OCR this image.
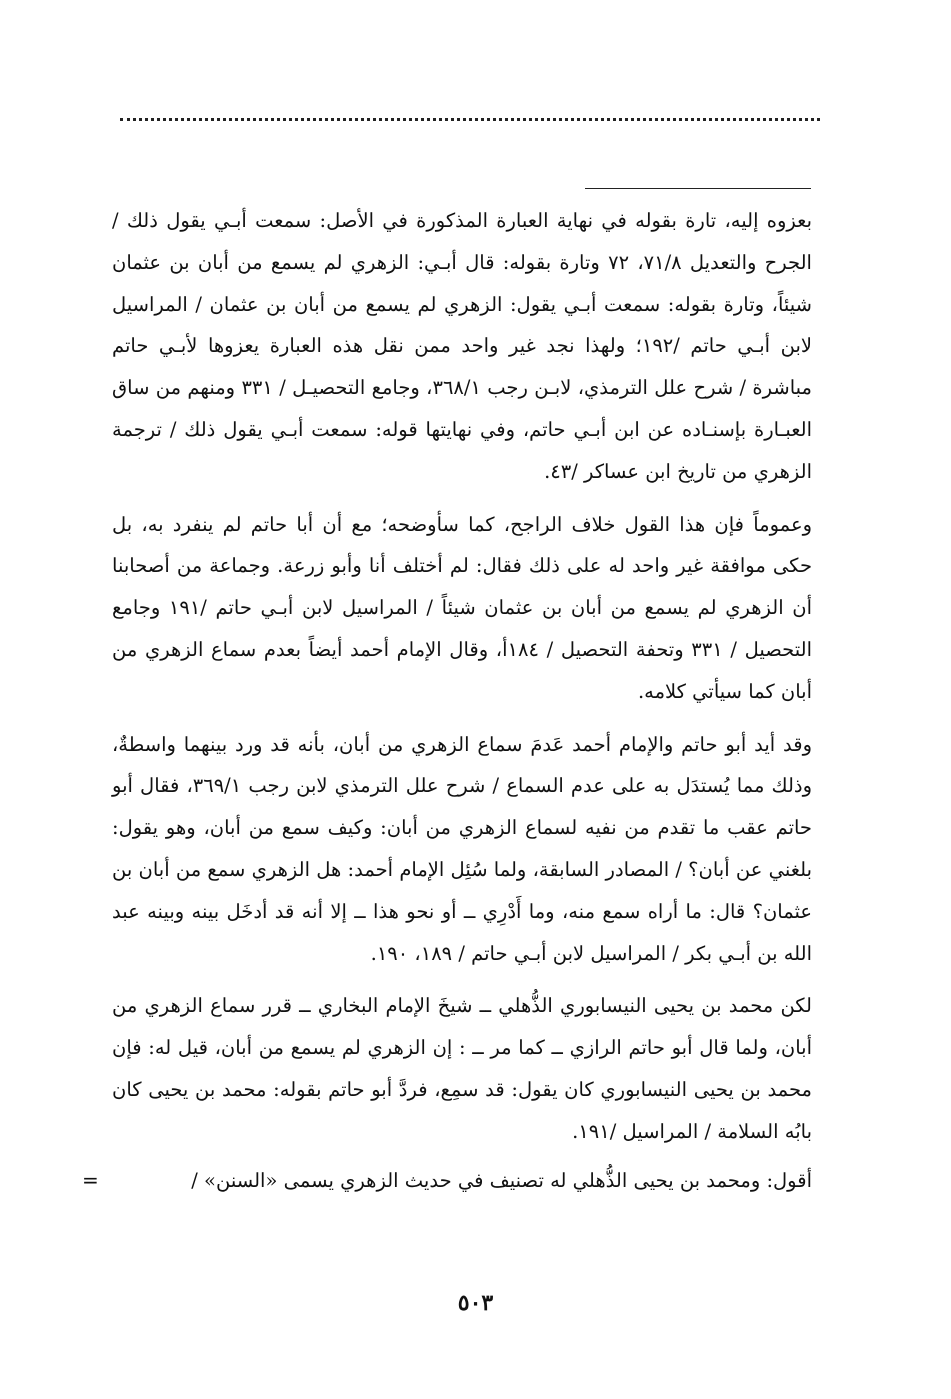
بعزوه إليه، تارة بقوله في نهاية العبارة المذكورة في الأصل: سمعت أبـي يقول ذلك / الجرح والتعديل ٧١/٨، ٧٢ وتارة بقوله: قال أبـي: الزهري لم يسمع من أبان بن عثمان شيئاً، وتارة بقوله: سمعت أبـي يقول: الزهري لم يسمع من أبان بن عثمان / المراسيل لابن أبـي حاتم /١٩٢؛ ولهذا نجد غير واحد ممن نقل هذه العبارة يعزوها لأبـي حاتم مباشرة / شرح علل الترمذي، لابـن رجب ٣٦٨/١، وجامع التحصيـل / ٣٣١ ومنهم من ساق العبـارة بإسنـاده عن ابن أبـي حاتم، وفي نهايتها قوله: سمعت أبـي يقول ذلك / ترجمة الزهري من تاريخ ابن عساكر /٤٣.

وعموماً فإن هذا القول خلاف الراجح، كما سأوضحه؛ مع أن أبا حاتم لم ينفرد به، بل حكى موافقة غير واحد له على ذلك فقال: لم أختلف أنا وأبو زرعة. وجماعة من أصحابنا أن الزهري لم يسمع من أبان بن عثمان شيئاً / المراسيل لابن أبـي حاتم /١٩١ وجامع التحصيل / ٣٣١ وتحفة التحصيل / ١٨٤أ، وقال الإمام أحمد أيضاً بعدم سماع الزهري من أبان كما سيأتي كلامه.

وقد أيد أبو حاتم والإمام أحمد عَدمَ سماع الزهري من أبان، بأنه قد ورد بينهما واسطةٌ، وذلك مما يُستدَل به على عدم السماع / شرح علل الترمذي لابن رجب ٣٦٩/١، فقال أبو حاتم عقب ما تقدم من نفيه لسماع الزهري من أبان: وكيف سمع من أبان، وهو يقول: بلغني عن أبان؟ / المصادر السابقة، ولما سُئِل الإمام أحمد: هل الزهري سمع من أبان بن عثمان؟ قال: ما أراه سمع منه، وما أَدْرِي ــ أو نحو هذا ــ إلا أنه قد أدخَل بينه وبينه عبد الله بن أبـي بكر / المراسيل لابن أبـي حاتم / ١٨٩، ١٩٠.

لكن محمد بن يحيى النيسابوري الذُّهلي ــ شيخَ الإمام البخاري ــ قرر سماع الزهري من أبان، ولما قال أبو حاتم الرازي ــ كما مر ــ : إن الزهري لم يسمع من أبان، قيل له: فإن محمد بن يحيى النيسابوري كان يقول: قد سمِع، فردَّ أبو حاتم بقوله: محمد بن يحيى كان بابُه السلامة / المراسيل /١٩١.

أقول: ومحمد بن يحيى الذُّهلي له تصنيف في حديث الزهري يسمى «السنن» /
=

٥٠٣
